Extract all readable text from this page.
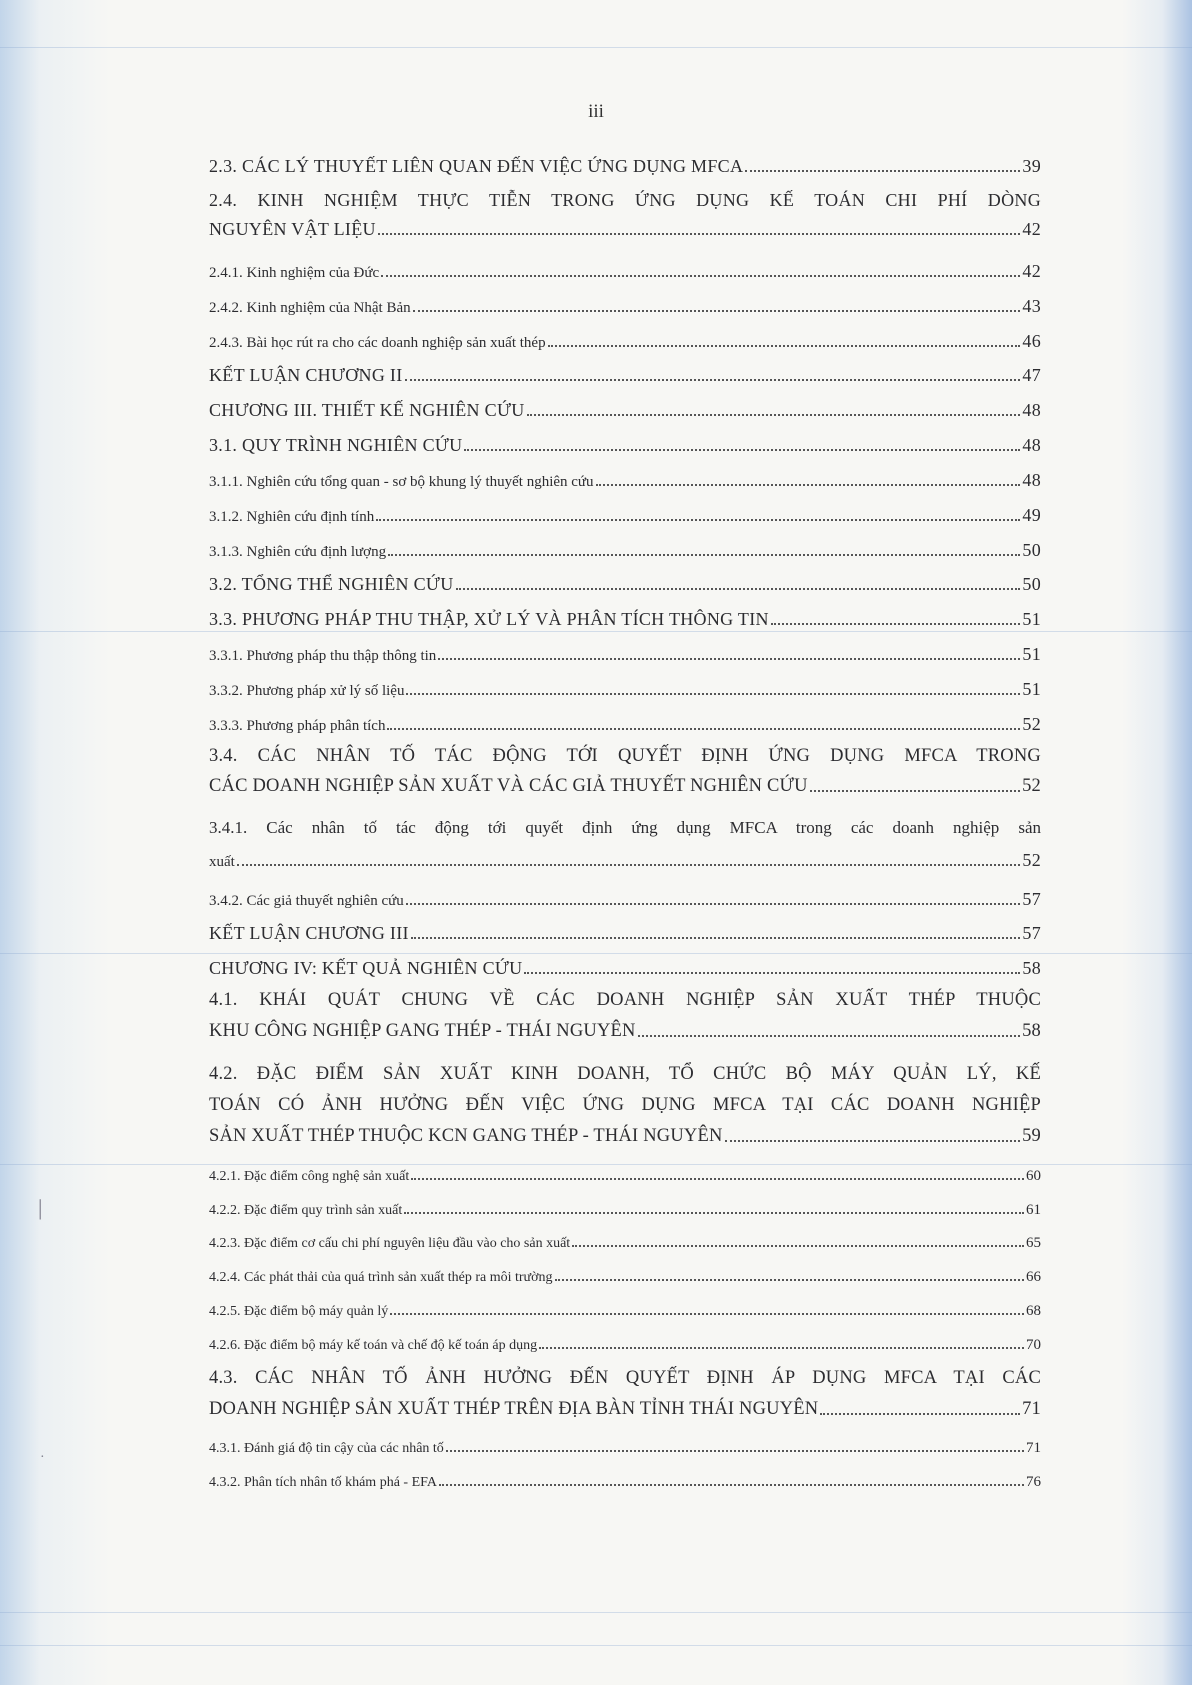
|
·
iii
2.3. CÁC LÝ THUYẾT LIÊN QUAN ĐẾN VIỆC ỨNG DỤNG MFCA	39
2.4. KINH NGHIỆM THỰC TIỄN TRONG ỨNG DỤNG KẾ TOÁN CHI PHÍ DÒNG
NGUYÊN VẬT LIỆU	42
2.4.1. Kinh nghiệm của Đức	42
2.4.2. Kinh nghiệm của Nhật Bản	43
2.4.3. Bài học rút ra cho các doanh nghiệp sản xuất thép	46
KẾT LUẬN CHƯƠNG II	47
CHƯƠNG III. THIẾT KẾ NGHIÊN CỨU	48
3.1. QUY TRÌNH NGHIÊN CỨU	48
3.1.1. Nghiên cứu tổng quan - sơ bộ khung lý thuyết nghiên cứu	48
3.1.2. Nghiên cứu định tính	49
3.1.3. Nghiên cứu định lượng	50
3.2. TỔNG THỂ NGHIÊN CỨU	50
3.3. PHƯƠNG PHÁP THU THẬP, XỬ LÝ VÀ PHÂN TÍCH THÔNG TIN	51
3.3.1. Phương pháp thu thập thông tin	51
3.3.2. Phương pháp xử lý số liệu	51
3.3.3. Phương pháp phân tích	52
3.4. CÁC NHÂN TỐ TÁC ĐỘNG TỚI QUYẾT ĐỊNH ỨNG DỤNG MFCA TRONG
CÁC DOANH NGHIỆP SẢN XUẤT VÀ CÁC GIẢ THUYẾT NGHIÊN CỨU	52
3.4.1. Các nhân tố tác động tới quyết định ứng dụng MFCA trong các doanh nghiệp sản
xuất	52
3.4.2. Các giả thuyết nghiên cứu	57
KẾT LUẬN CHƯƠNG III	57
CHƯƠNG IV: KẾT QUẢ NGHIÊN CỨU	58
4.1. KHÁI QUÁT CHUNG VỀ CÁC DOANH NGHIỆP SẢN XUẤT THÉP THUỘC
KHU CÔNG NGHIỆP GANG THÉP - THÁI NGUYÊN	58
4.2. ĐẶC ĐIỂM SẢN XUẤT KINH DOANH, TỔ CHỨC BỘ MÁY QUẢN LÝ, KẾ
TOÁN CÓ ẢNH HƯỞNG ĐẾN VIỆC ỨNG DỤNG MFCA TẠI CÁC DOANH NGHIỆP
SẢN XUẤT THÉP THUỘC KCN GANG THÉP - THÁI NGUYÊN	59
4.2.1. Đặc điểm công nghệ sản xuất	60
4.2.2. Đặc điểm quy trình sản xuất	61
4.2.3. Đặc điểm cơ cấu chi phí nguyên liệu đầu vào cho sản xuất	65
4.2.4. Các phát thải của quá trình sản xuất thép ra môi trường	66
4.2.5. Đặc điểm bộ máy quản lý	68
4.2.6. Đặc điểm bộ máy kế toán và chế độ kế toán áp dụng	70
4.3. CÁC NHÂN TỐ ẢNH HƯỞNG ĐẾN QUYẾT ĐỊNH ÁP DỤNG MFCA TẠI CÁC
DOANH NGHIỆP SẢN XUẤT THÉP TRÊN ĐỊA BÀN TỈNH THÁI NGUYÊN	71
4.3.1. Đánh giá độ tin cậy của các nhân tố	71
4.3.2. Phân tích nhân tố khám phá - EFA	76
